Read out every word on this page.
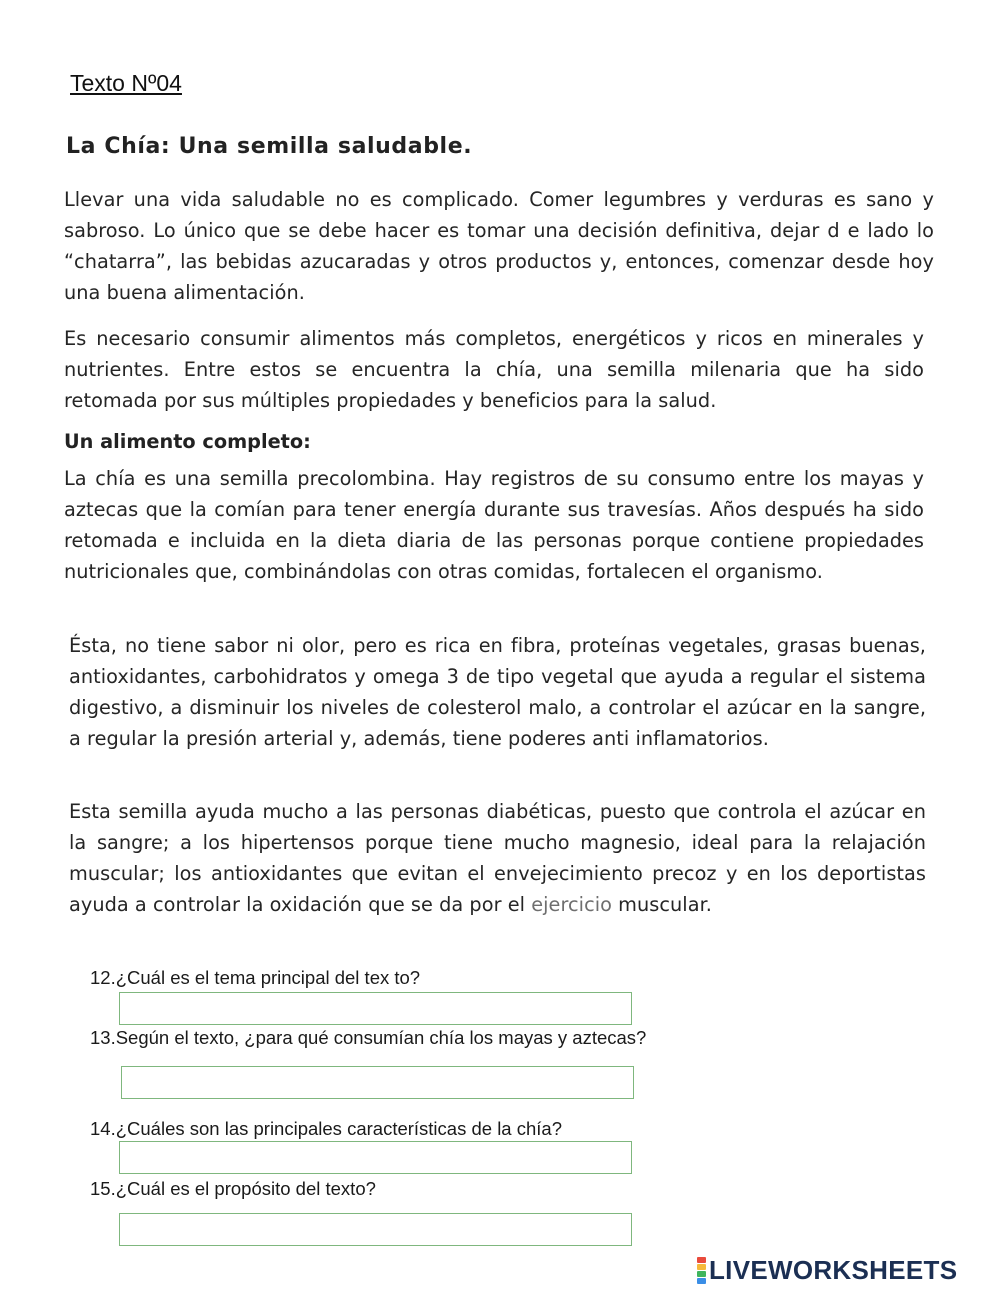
Texto Nº04
La Chía: Una semilla saludable.

Llevar una vida saludable no es complicado. Comer legumbres y verduras es sano y sabroso. Lo único que se debe hacer es tomar una decisión definitiva, dejar d e lado lo “chatarra”, las bebidas azucaradas y otros productos y, entonces, comenzar desde hoy una buena alimentación.

Es necesario consumir alimentos más completos, energéticos y ricos en minerales y nutrientes. Entre estos se encuentra la chía, una semilla milenaria que ha sido retomada por sus múltiples propiedades y beneficios para la salud.

Un alimento completo:

La chía es una semilla precolombina. Hay registros de su consumo entre los mayas y aztecas que la comían para tener energía durante sus travesías. Años después ha sido retomada e incluida en la dieta diaria de las personas porque contiene propiedades nutricionales que, combinándolas con otras comidas, fortalecen el organismo.

Ésta, no tiene sabor ni olor, pero es rica en fibra, proteínas vegetales, grasas buenas, antioxidantes, carbohidratos y omega 3 de tipo vegetal que ayuda a regular el sistema digestivo, a disminuir los niveles de colesterol malo, a controlar el azúcar en la sangre, a regular la presión arterial y, además, tiene poderes anti inflamatorios.

Esta semilla ayuda mucho a las personas diabéticas, puesto que controla el azúcar en la sangre; a los hipertensos porque tiene mucho magnesio, ideal para la relajación muscular; los antioxidantes que evitan el envejecimiento precoz y en los deportistas ayuda a controlar la oxidación que se da por el ejercicio muscular.

12.¿Cuál es el tema principal del tex to?
13.Según el texto, ¿para qué consumían chía los mayas y aztecas?
14.¿Cuáles son las principales características de la chía?
15.¿Cuál es el propósito del texto?
LIVEWORKSHEETS
